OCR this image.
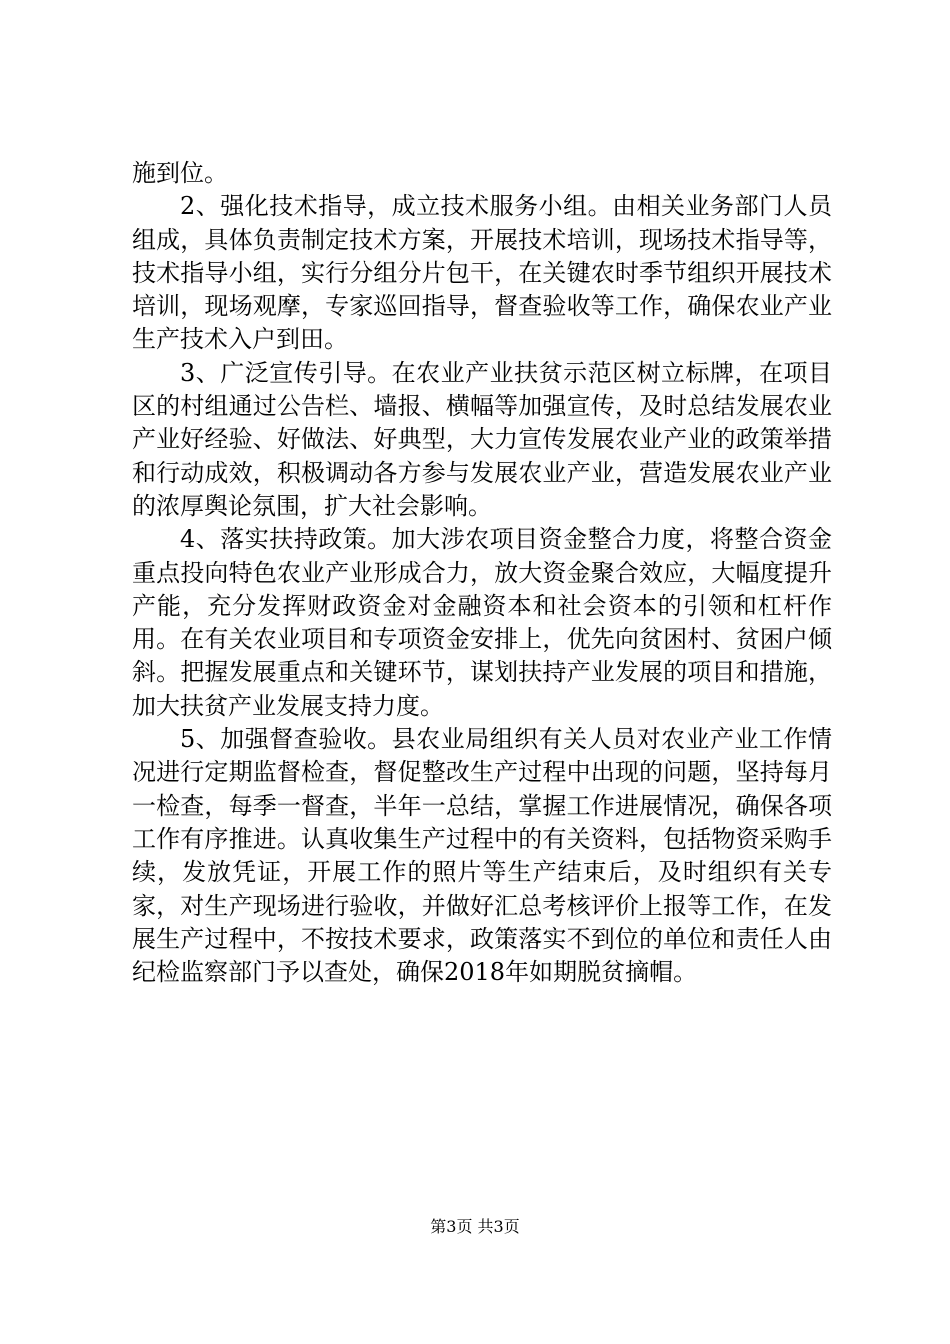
施到位。

2、强化技术指导，成立技术服务小组。由相关业务部门人员组成，具体负责制定技术方案，开展技术培训，现场技术指导等，技术指导小组，实行分组分片包干，在关键农时季节组织开展技术培训，现场观摩，专家巡回指导，督查验收等工作，确保农业产业生产技术入户到田。

3、广泛宣传引导。在农业产业扶贫示范区树立标牌，在项目区的村组通过公告栏、墙报、横幅等加强宣传，及时总结发展农业产业好经验、好做法、好典型，大力宣传发展农业产业的政策举措和行动成效，积极调动各方参与发展农业产业，营造发展农业产业的浓厚舆论氛围，扩大社会影响。

4、落实扶持政策。加大涉农项目资金整合力度，将整合资金重点投向特色农业产业形成合力，放大资金聚合效应，大幅度提升产能，充分发挥财政资金对金融资本和社会资本的引领和杠杆作用。在有关农业项目和专项资金安排上，优先向贫困村、贫困户倾斜。把握发展重点和关键环节，谋划扶持产业发展的项目和措施，加大扶贫产业发展支持力度。

5、加强督查验收。县农业局组织有关人员对农业产业工作情况进行定期监督检查，督促整改生产过程中出现的问题，坚持每月一检查，每季一督查，半年一总结，掌握工作进展情况，确保各项工作有序推进。认真收集生产过程中的有关资料，包括物资采购手续，发放凭证，开展工作的照片等生产结束后，及时组织有关专家，对生产现场进行验收，并做好汇总考核评价上报等工作，在发展生产过程中，不按技术要求，政策落实不到位的单位和责任人由纪检监察部门予以查处，确保2018年如期脱贫摘帽。

第3页 共3页
